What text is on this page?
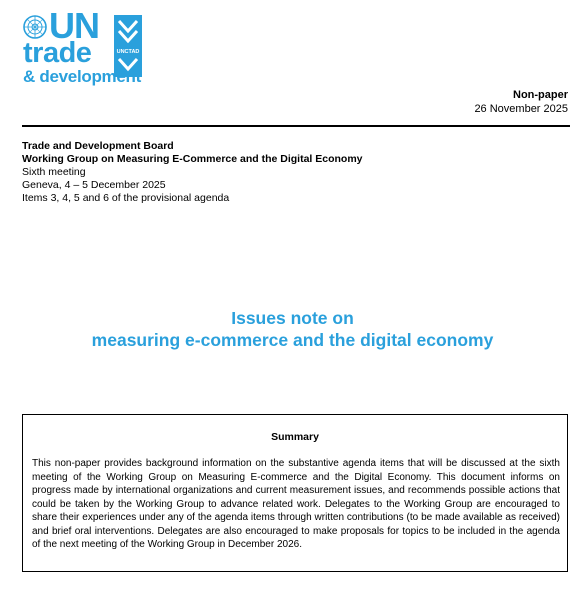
UN
UNCTAD
trade
& development
Non-paper
26 November 2025
Trade and Development Board
Working Group on Measuring E-Commerce and the Digital Economy
Sixth meeting
Geneva, 4 – 5 December 2025
Items 3, 4, 5 and 6 of the provisional agenda
Issues note on
measuring e-commerce and the digital economy
Summary
This non-paper provides background information on the substantive agenda items that will be discussed at the sixth meeting of the Working Group on Measuring E-commerce and the Digital Economy. This document informs on progress made by international organizations and current measurement issues, and recommends possible actions that could be taken by the Working Group to advance related work. Delegates to the Working Group are encouraged to share their experiences under any of the agenda items through written contributions (to be made available as received) and brief oral interventions. Delegates are also encouraged to make proposals for topics to be included in the agenda of the next meeting of the Working Group in December 2026.
